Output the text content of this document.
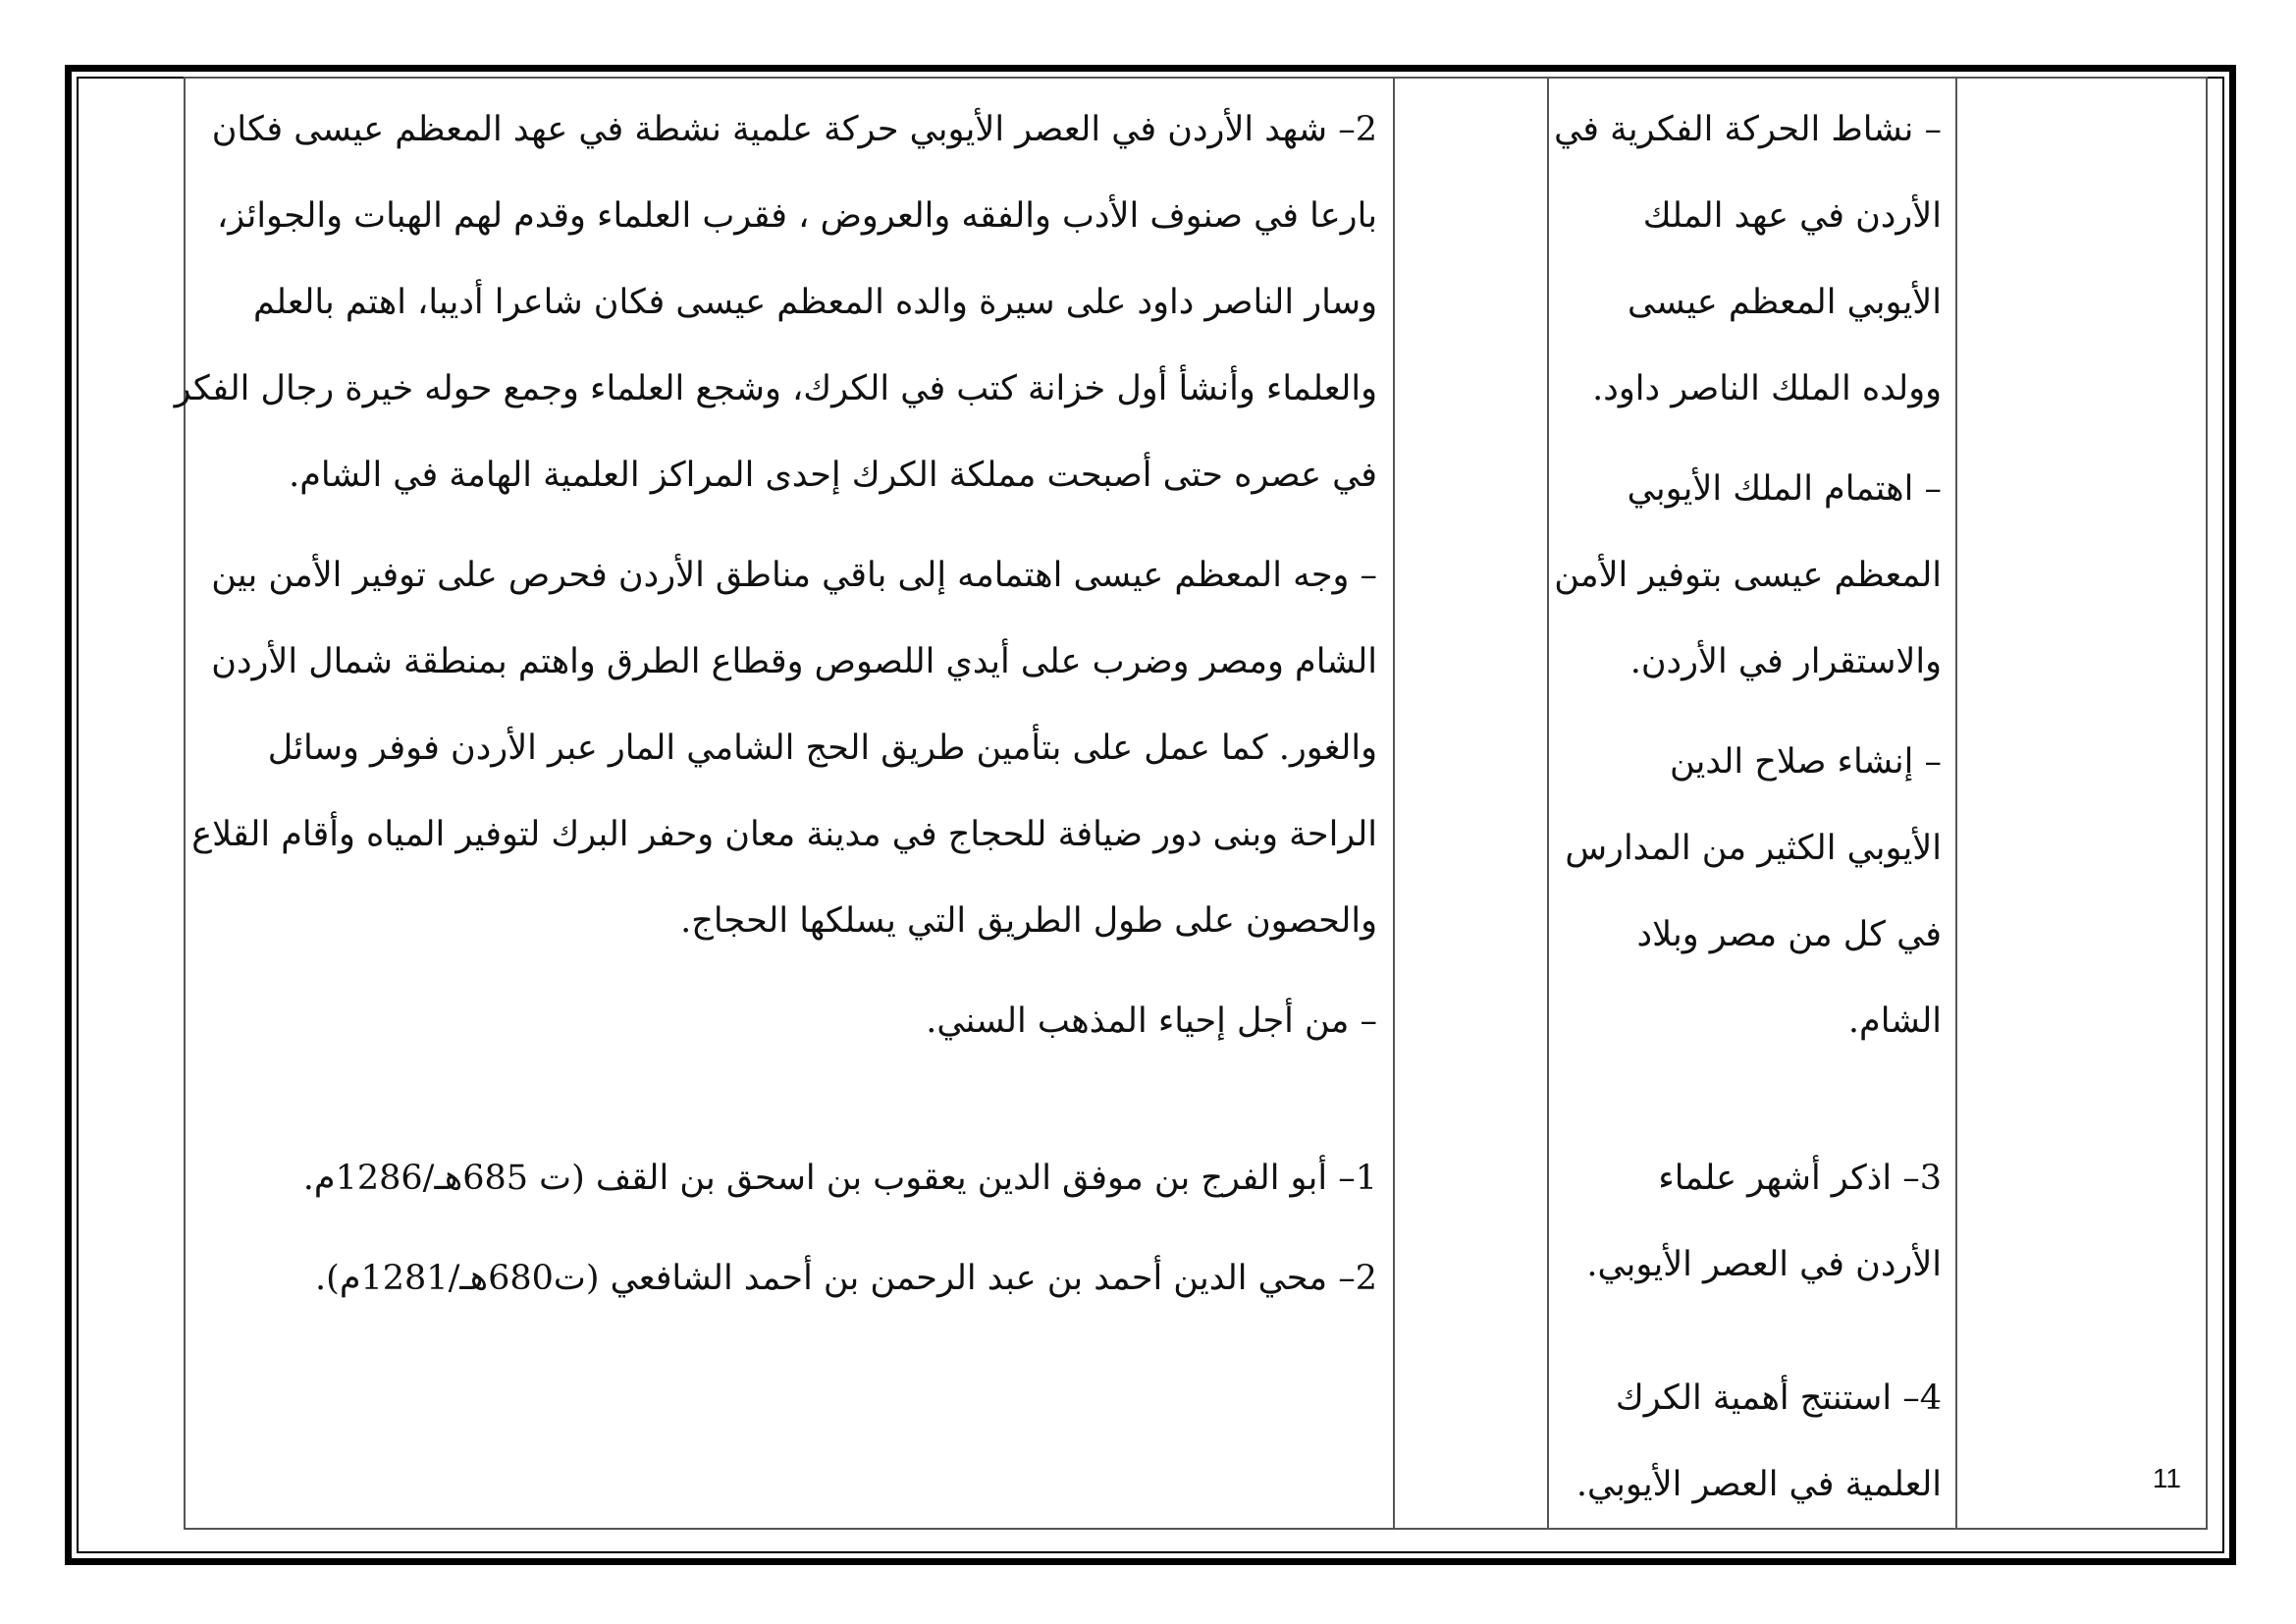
– نشاط الحركة الفكرية في
الأردن في عهد الملك
الأيوبي المعظم عيسى
وولده الملك الناصر داود.
– اهتمام الملك الأيوبي
المعظم عيسى بتوفير الأمن
والاستقرار في الأردن.
– إنشاء صلاح الدين
الأيوبي الكثير من المدارس
في كل من مصر وبلاد
الشام.
3– اذكر أشهر علماء
الأردن في العصر الأيوبي.
4– استنتج أهمية الكرك
العلمية في العصر الأيوبي.

2– شهد الأردن في العصر الأيوبي حركة علمية نشطة في عهد المعظم عيسى فكان
بارعا في صنوف الأدب والفقه والعروض ، فقرب العلماء وقدم لهم الهبات والجوائز،
وسار الناصر داود على سيرة والده المعظم عيسى فكان شاعرا أديبا، اهتم بالعلم
والعلماء وأنشأ أول خزانة كتب في الكرك، وشجع العلماء وجمع حوله خيرة رجال الفكر
في عصره حتى أصبحت مملكة الكرك إحدى المراكز العلمية الهامة في الشام.
– وجه المعظم عيسى اهتمامه إلى باقي مناطق الأردن فحرص على توفير الأمن بين
الشام ومصر وضرب على أيدي اللصوص وقطاع الطرق واهتم بمنطقة شمال الأردن
والغور. كما عمل على بتأمين طريق الحج الشامي المار عبر الأردن فوفر وسائل
الراحة وبنى دور ضيافة للحجاج في مدينة معان وحفر البرك لتوفير المياه وأقام القلاع
والحصون على طول الطريق التي يسلكها الحجاج.
– من أجل إحياء المذهب السني.
1– أبو الفرج بن موفق الدين يعقوب بن اسحق بن القف (ت 685هـ/1286م.
2– محي الدين أحمد بن عبد الرحمن بن أحمد الشافعي (ت680هـ/1281م).
11
